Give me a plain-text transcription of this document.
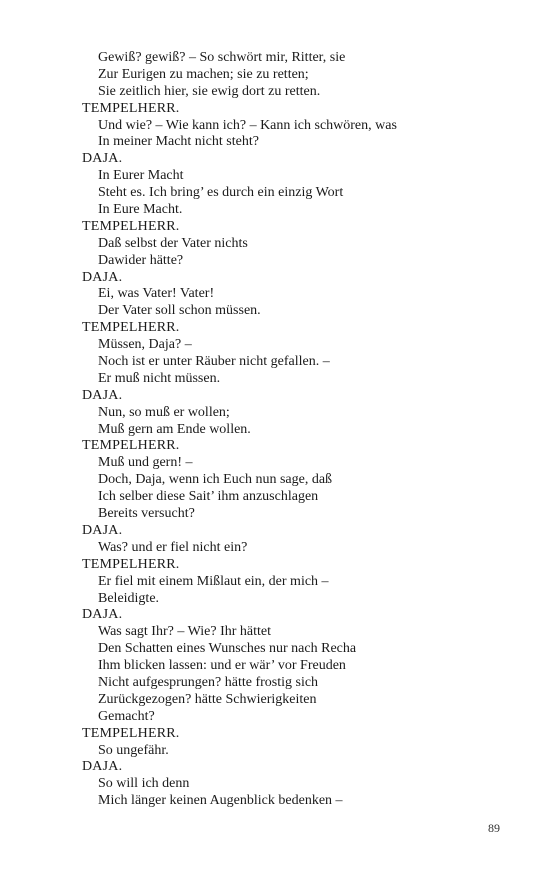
Gewiß? gewiß? – So schwört mir, Ritter, sie
Zur Eurigen zu machen; sie zu retten;
Sie zeitlich hier, sie ewig dort zu retten.
TEMPELHERR.
Und wie? – Wie kann ich? – Kann ich schwören, was
In meiner Macht nicht steht?
DAJA.
In Eurer Macht
Steht es. Ich bring’ es durch ein einzig Wort
In Eure Macht.
TEMPELHERR.
Daß selbst der Vater nichts
Dawider hätte?
DAJA.
Ei, was Vater! Vater!
Der Vater soll schon müssen.
TEMPELHERR.
Müssen, Daja? –
Noch ist er unter Räuber nicht gefallen. –
Er muß nicht müssen.
DAJA.
Nun, so muß er wollen;
Muß gern am Ende wollen.
TEMPELHERR.
Muß und gern! –
Doch, Daja, wenn ich Euch nun sage, daß
Ich selber diese Sait’ ihm anzuschlagen
Bereits versucht?
DAJA.
Was? und er fiel nicht ein?
TEMPELHERR.
Er fiel mit einem Mißlaut ein, der mich –
Beleidigte.
DAJA.
Was sagt Ihr? – Wie? Ihr hättet
Den Schatten eines Wunsches nur nach Recha
Ihm blicken lassen: und er wär’ vor Freuden
Nicht aufgesprungen? hätte frostig sich
Zurückgezogen? hätte Schwierigkeiten
Gemacht?
TEMPELHERR.
So ungefähr.
DAJA.
So will ich denn
Mich länger keinen Augenblick bedenken –
89
